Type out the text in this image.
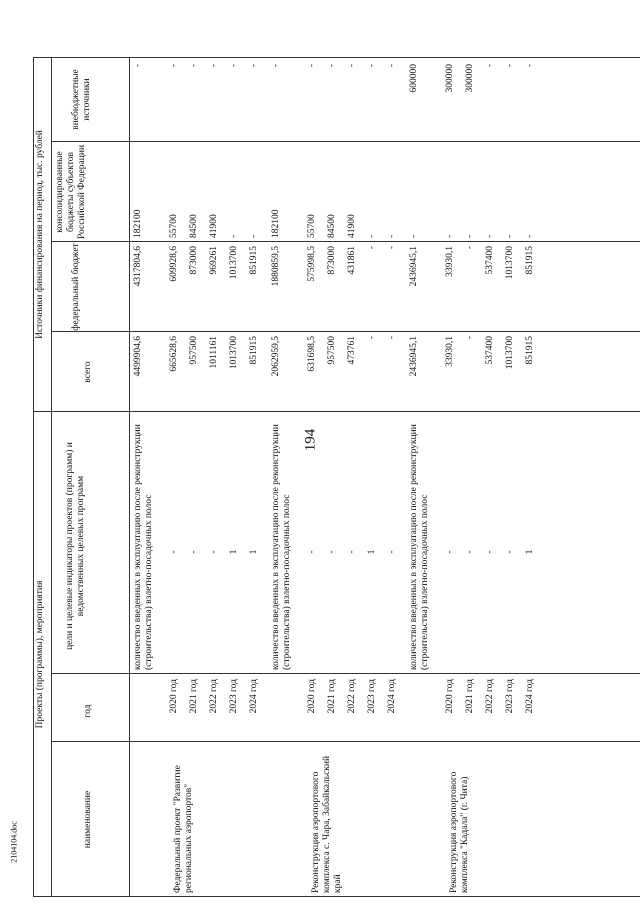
194
2104104.doc
Проекты (программы), мероприятия
Источники финансирования на период, тыс. рублей
наименование
год
цели и целевые индикаторы проектов (программ) и ведомственных целевых программ
всего
федеральный бюджет
консолидированные бюджеты субъектов Российской Федерации
внебюджетные источники
Федеральный проект "Развитие региональных аэропортов"
количество введенных в эксплуатацию после реконструкции (строительства) взлетно-посадочных полос
4499904,6
4317804,6
182100
-
2020 год
-
665628,6
609928,6
55700
-
2021 год
-
957500
873000
84500
-
2022 год
-
1011161
969261
41900
-
2023 год
1
1013700
1013700
-
-
2024 год
1
851915
851915
-
-
Реконструкция аэропортового комплекса с. Чара, Забайкальский край
количество введенных в эксплуатацию после реконструкции (строительства) взлетно-посадочных полос
2062959,5
1880859,5
182100
-
2020 год
-
631698,5
575998,5
55700
-
2021 год
-
957500
873000
84500
-
2022 год
-
473761
431861
41900
-
2023 год
1
-
-
-
-
2024 год
-
-
-
-
-
Реконструкция аэропортового комплекса "Кадала" (г. Чита)
количество введенных в эксплуатацию после реконструкции (строительства) взлетно-посадочных полос
2436945,1
2436945,1
-
600000
2020 год
-
33930,1
33930,1
-
300000
2021 год
-
-
-
-
300000
2022 год
-
537400
537400
-
-
2023 год
-
1013700
1013700
-
-
2024 год
1
851915
851915
-
-
